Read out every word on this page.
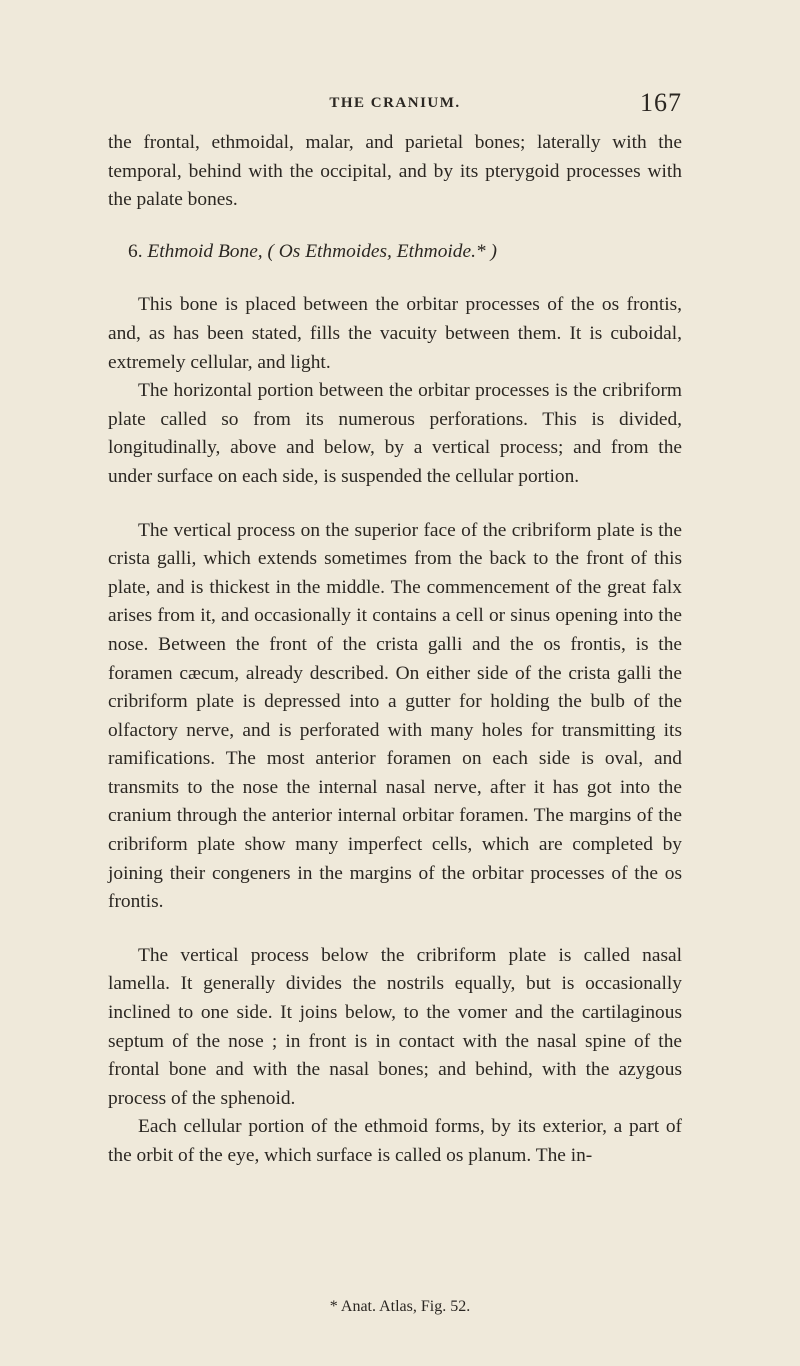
THE CRANIUM.	167

the frontal, ethmoidal, malar, and parietal bones; laterally with the temporal, behind with the occipital, and by its pterygoid processes with the palate bones.

6. Ethmoid Bone, ( Os Ethmoides, Ethmoide.* )

This bone is placed between the orbitar processes of the os frontis, and, as has been stated, fills the vacuity between them. It is cuboidal, extremely cellular, and light.

The horizontal portion between the orbitar processes is the cribriform plate called so from its numerous perforations. This is divided, longitudinally, above and below, by a vertical process; and from the under surface on each side, is suspended the cellular portion.

The vertical process on the superior face of the cribriform plate is the crista galli, which extends sometimes from the back to the front of this plate, and is thickest in the middle. The commencement of the great falx arises from it, and occasionally it contains a cell or sinus opening into the nose. Between the front of the crista galli and the os frontis, is the foramen cæcum, already described. On either side of the crista galli the cribriform plate is depressed into a gutter for holding the bulb of the olfactory nerve, and is perforated with many holes for transmitting its ramifications. The most anterior foramen on each side is oval, and transmits to the nose the internal nasal nerve, after it has got into the cranium through the anterior internal orbitar foramen. The margins of the cribriform plate show many imperfect cells, which are completed by joining their congeners in the margins of the orbitar processes of the os frontis.

The vertical process below the cribriform plate is called nasal lamella. It generally divides the nostrils equally, but is occasionally inclined to one side. It joins below, to the vomer and the cartilaginous septum of the nose ; in front is in contact with the nasal spine of the frontal bone and with the nasal bones; and behind, with the azygous process of the sphenoid.

Each cellular portion of the ethmoid forms, by its exterior, a part of the orbit of the eye, which surface is called os planum. The in-

* Anat. Atlas, Fig. 52.
